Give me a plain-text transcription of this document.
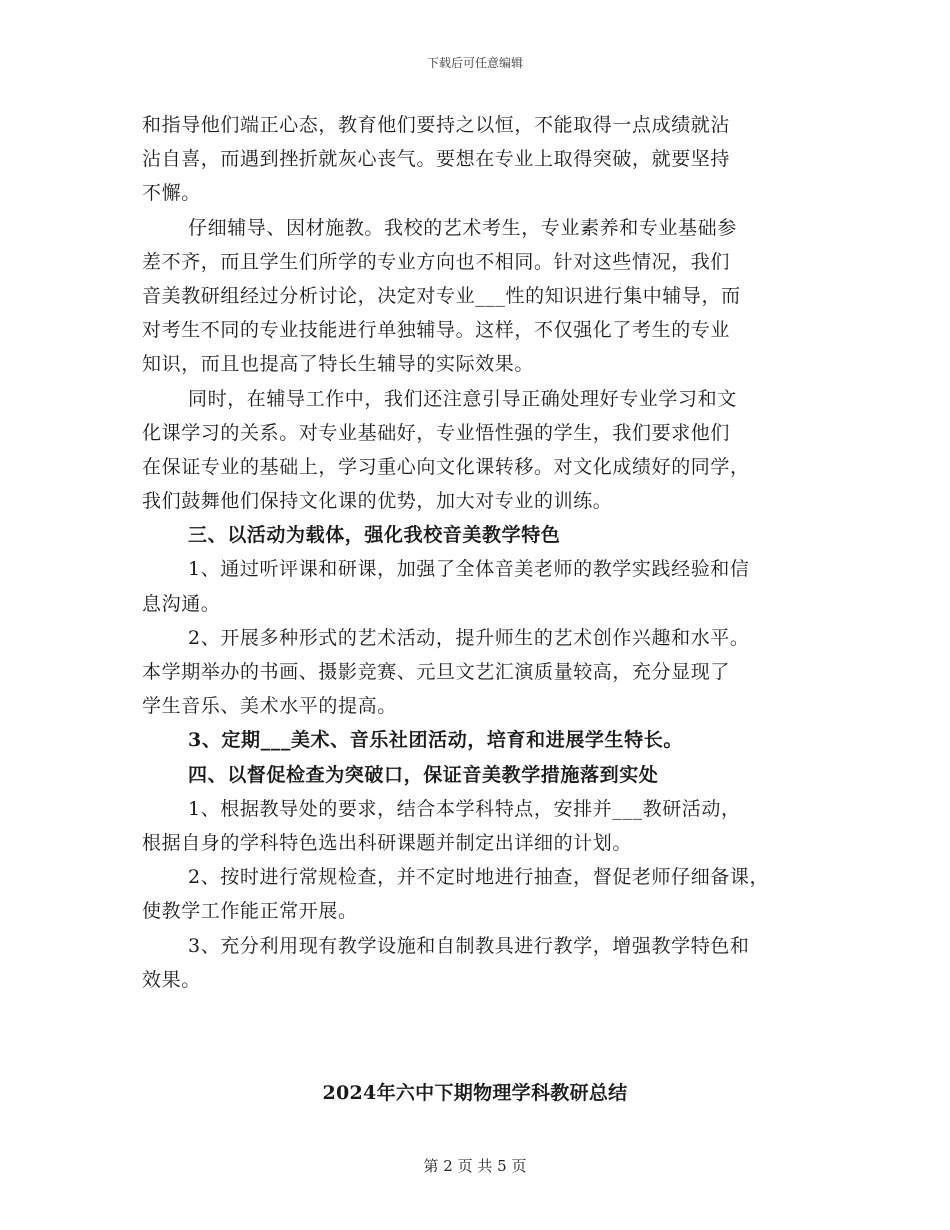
下载后可任意编辑
和指导他们端正心态，教育他们要持之以恒，不能取得一点成绩就沾
沾自喜，而遇到挫折就灰心丧气。要想在专业上取得突破，就要坚持
不懈。
仔细辅导、因材施教。我校的艺术考生，专业素养和专业基础参
差不齐，而且学生们所学的专业方向也不相同。针对这些情况，我们
音美教研组经过分析讨论，决定对专业___性的知识进行集中辅导，而
对考生不同的专业技能进行单独辅导。这样，不仅强化了考生的专业
知识，而且也提高了特长生辅导的实际效果。
同时，在辅导工作中，我们还注意引导正确处理好专业学习和文
化课学习的关系。对专业基础好，专业悟性强的学生，我们要求他们
在保证专业的基础上，学习重心向文化课转移。对文化成绩好的同学，
我们鼓舞他们保持文化课的优势，加大对专业的训练。
三、以活动为载体，强化我校音美教学特色
1、通过听评课和研课，加强了全体音美老师的教学实践经验和信
息沟通。
2、开展多种形式的艺术活动，提升师生的艺术创作兴趣和水平。
本学期举办的书画、摄影竞赛、元旦文艺汇演质量较高，充分显现了
学生音乐、美术水平的提高。
3、定期___美术、音乐社团活动，培育和进展学生特长。
四、以督促检查为突破口，保证音美教学措施落到实处
1、根据教导处的要求，结合本学科特点，安排并___教研活动，
根据自身的学科特色选出科研课题并制定出详细的计划。
2、按时进行常规检查，并不定时地进行抽查，督促老师仔细备课，
使教学工作能正常开展。
3、充分利用现有教学设施和自制教具进行教学，增强教学特色和
效果。
2024年六中下期物理学科教研总结
第 2 页 共 5 页
